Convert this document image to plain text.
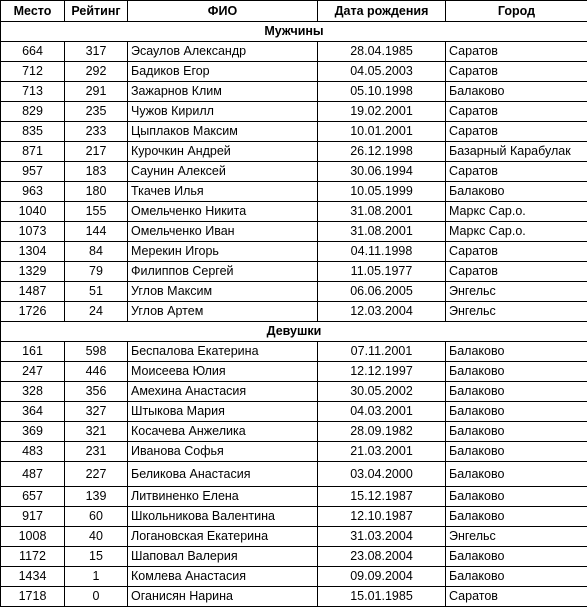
Место	Рейтинг	ФИО	Дата рождения	Город
Мужчины				
664	317	Эсаулов Александр	28.04.1985	Саратов
712	292	Бадиков Егор	04.05.2003	Саратов
713	291	Зажарнов Клим	05.10.1998	Балаково
829	235	Чужов Кирилл	19.02.2001	Саратов
835	233	Цыплаков Максим	10.01.2001	Саратов
871	217	Курочкин Андрей	26.12.1998	Базарный Карабулак
957	183	Саунин Алексей	30.06.1994	Саратов
963	180	Ткачев Илья	10.05.1999	Балаково
1040	155	Омельченко Никита	31.08.2001	Маркс Сар.о.
1073	144	Омельченко Иван	31.08.2001	Маркс Сар.о.
1304	84	Мерекин Игорь	04.11.1998	Саратов
1329	79	Филиппов Сергей	11.05.1977	Саратов
1487	51	Углов Максим	06.06.2005	Энгельс
1726	24	Углов Артем	12.03.2004	Энгельс
Девушки				
161	598	Беспалова Екатерина	07.11.2001	Балаково
247	446	Моисеева Юлия	12.12.1997	Балаково
328	356	Амехина Анастасия	30.05.2002	Балаково
364	327	Штыкова Мария	04.03.2001	Балаково
369	321	Косачева Анжелика	28.09.1982	Балаково
483	231	Иванова Софья	21.03.2001	Балаково
487	227	Беликова Анастасия	03.04.2000	Балаково
657	139	Литвиненко Елена	15.12.1987	Балаково
917	60	Школьникова Валентина	12.10.1987	Балаково
1008	40	Логановская Екатерина	31.03.2004	Энгельс
1172	15	Шаповал Валерия	23.08.2004	Балаково
1434	1	Комлева Анастасия	09.09.2004	Балаково
1718	0	Оганисян Нарина	15.01.1985	Саратов
